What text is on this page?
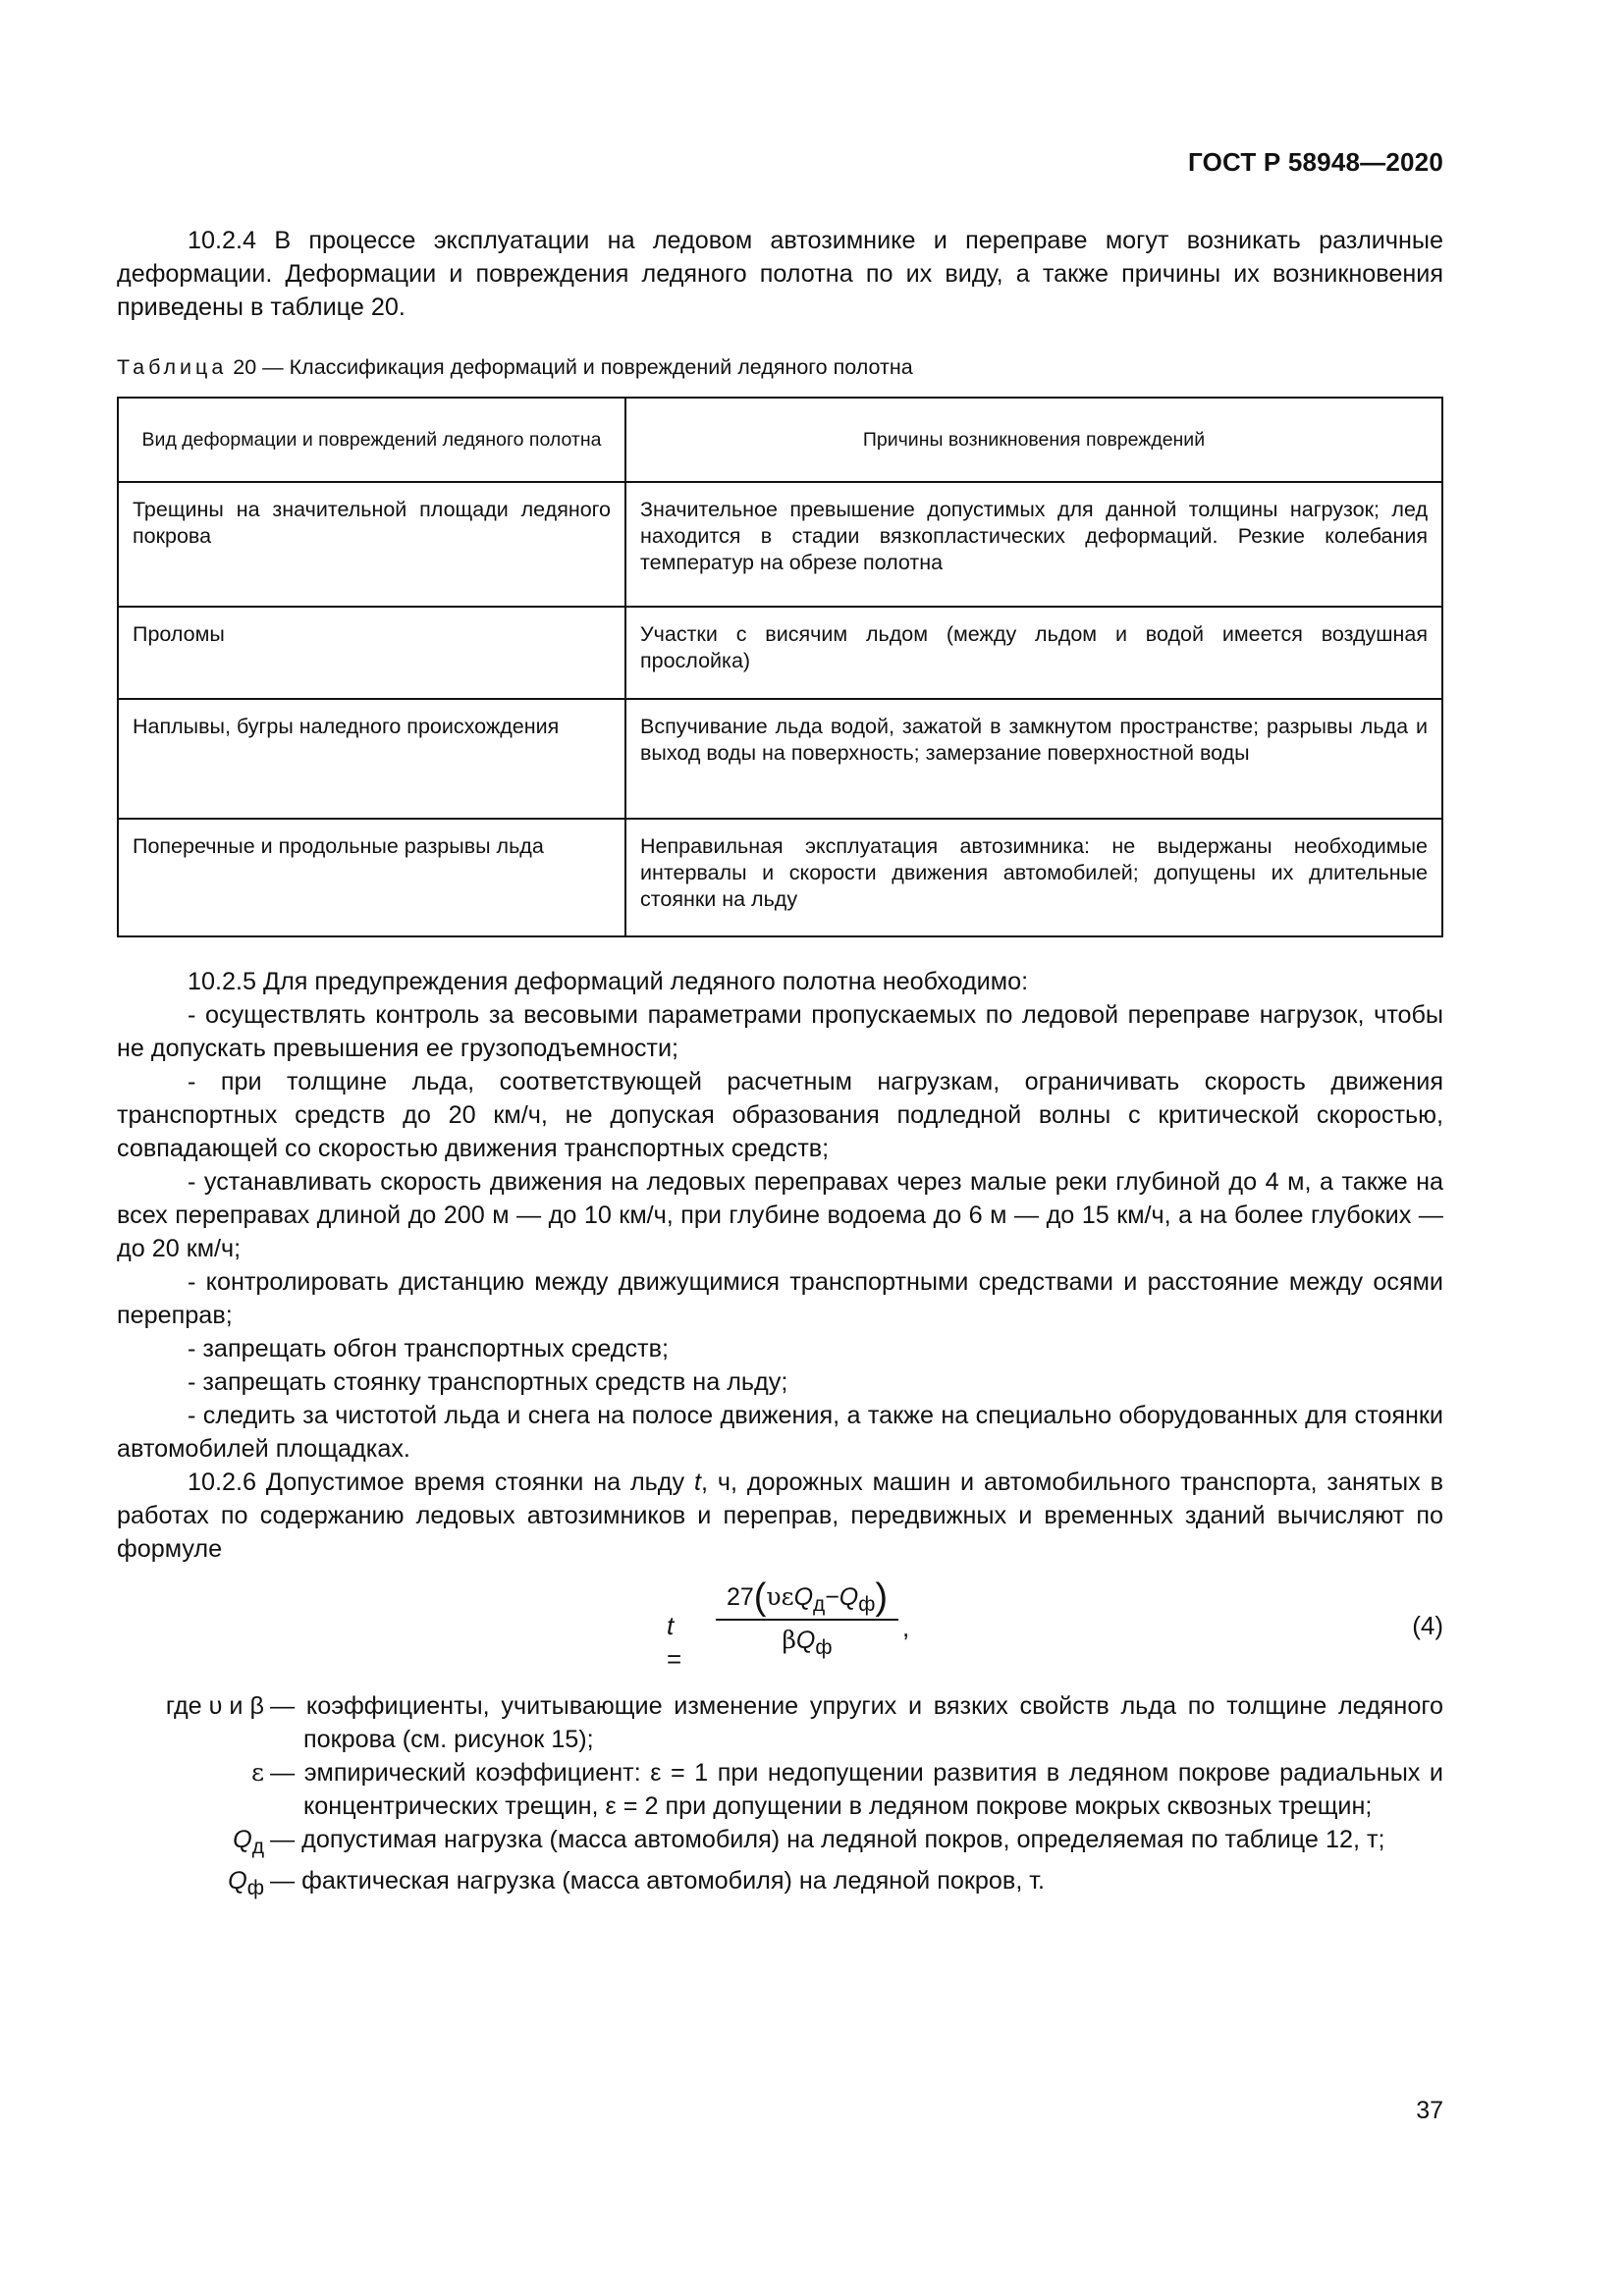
ГОСТ Р 58948—2020

10.2.4 В процессе эксплуатации на ледовом автозимнике и переправе могут возникать различные деформации. Деформации и повреждения ледяного полотна по их виду, а также причины их возникновения приведены в таблице 20.

Таблица 20 — Классификация деформаций и повреждений ледяного полотна
Вид деформации и повреждений ледяного полотна	Причины возникновения повреждений
Трещины на значительной площади ледяного покрова	Значительное превышение допустимых для данной толщины нагрузок; лед находится в стадии вязкопластических деформаций. Резкие колебания температур на обрезе полотна
Проломы	Участки с висячим льдом (между льдом и водой имеется воздушная прослойка)
Наплывы, бугры наледного происхождения	Вспучивание льда водой, зажатой в замкнутом пространстве; разрывы льда и выход воды на поверхность; замерзание поверхностной воды
Поперечные и продольные разрывы льда	Неправильная эксплуатация автозимника: не выдержаны необходимые интервалы и скорости движения автомобилей; допущены их длительные стоянки на льду

10.2.5 Для предупреждения деформаций ледяного полотна необходимо:

- осуществлять контроль за весовыми параметрами пропускаемых по ледовой переправе нагрузок, чтобы не допускать превышения ее грузоподъемности;

- при толщине льда, соответствующей расчетным нагрузкам, ограничивать скорость движения транспортных средств до 20 км/ч, не допуская образования подледной волны с критической скоростью, совпадающей со скоростью движения транспортных средств;

- устанавливать скорость движения на ледовых переправах через малые реки глубиной до 4 м, а также на всех переправах длиной до 200 м — до 10 км/ч, при глубине водоема до 6 м — до 15 км/ч, а на более глубоких — до 20 км/ч;

- контролировать дистанцию между движущимися транспортными средствами и расстояние между осями переправ;

- запрещать обгон транспортных средств;

- запрещать стоянку транспортных средств на льду;

- следить за чистотой льда и снега на полосе движения, а также на специально оборудованных для стоянки автомобилей площадках.

10.2.6 Допустимое время стоянки на льду t, ч, дорожных машин и автомобильного транспорта, занятых в работах по содержанию ледовых автозимников и переправ, передвижных и временных зданий вычисляют по формуле

t =
$27(\upsilon\varepsilon Q_д-Q_ф)$
$\beta Q_ф$
,	(4)
где υ и β — коэффициенты, учитывающие изменение упругих и вязких свойств льда по толщине ледяного покрова (см. рисунок 15);
ε — эмпирический коэффициент: ε = 1 при недопущении развития в ледяном покрове радиальных и концентрических трещин, ε = 2 при допущении в ледяном покрове мокрых сквозных трещин;
$Q_д$ — допустимая нагрузка (масса автомобиля) на ледяной покров, определяемая по таблице 12, т;
$Q_ф$ — фактическая нагрузка (масса автомобиля) на ледяной покров, т.
37
